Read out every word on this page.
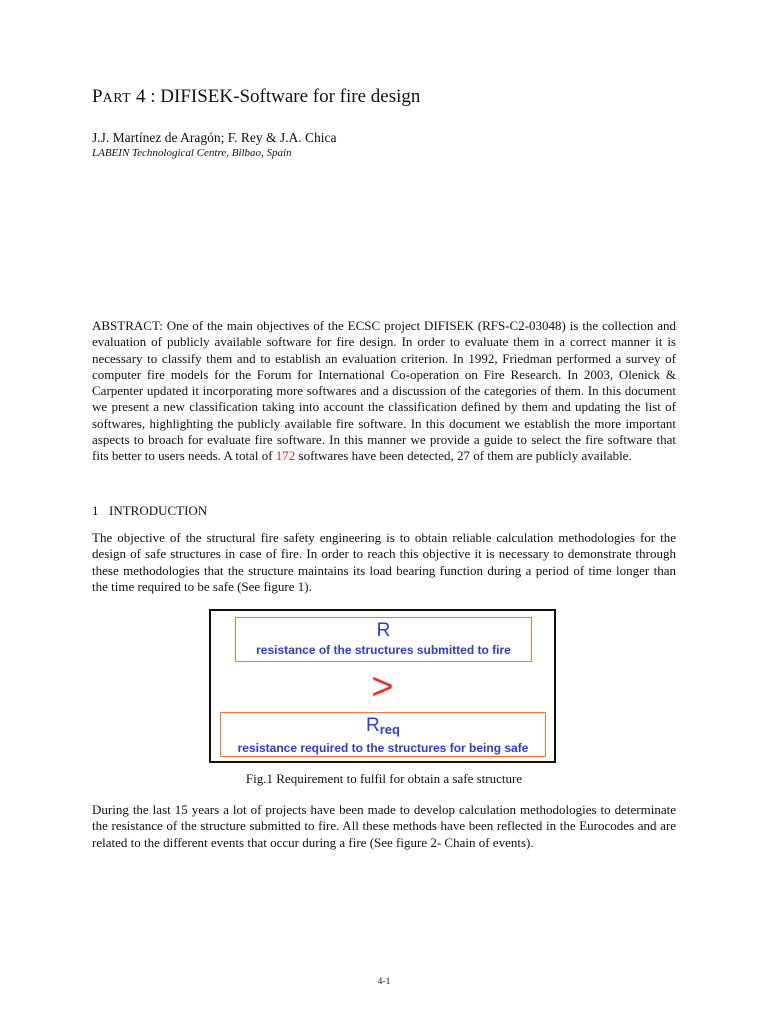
PART 4 : DIFISEK-Software for fire design
J.J. Martínez de Aragón; F. Rey & J.A. Chica
LABEIN Technological Centre, Bilbao, Spain
ABSTRACT: One of the main objectives of the ECSC project DIFISEK (RFS-C2-03048) is the collection and evaluation of publicly available software for fire design. In order to evaluate them in a correct manner it is necessary to classify them and to establish an evaluation criterion. In 1992, Friedman performed a survey of computer fire models for the Forum for International Co-operation on Fire Research. In 2003, Olenick & Carpenter updated it incorporating more softwares and a discussion of the categories of them. In this document we present a new classification taking into account the classification defined by them and updating the list of softwares, highlighting the publicly available fire software. In this document we establish the more important aspects to broach for evaluate fire software. In this manner we provide a guide to select the fire software that fits better to users needs. A total of 172 softwares have been detected, 27 of them are publicly available.
1 INTRODUCTION
The objective of the structural fire safety engineering is to obtain reliable calculation methodologies for the design of safe structures in case of fire. In order to reach this objective it is necessary to demonstrate through these methodologies that the structure maintains its load bearing function during a period of time longer than the time required to be safe (See figure 1).
R
resistance of the structures submitted to fire
>
$R_{req}$
resistance required to the structures for being safe
Fig.1 Requirement to fulfil for obtain a safe structure
During the last 15 years a lot of projects have been made to develop calculation methodologies to determinate the resistance of the structure submitted to fire. All these methods have been reflected in the Eurocodes and are related to the different events that occur during a fire (See figure 2- Chain of events).
4-1
